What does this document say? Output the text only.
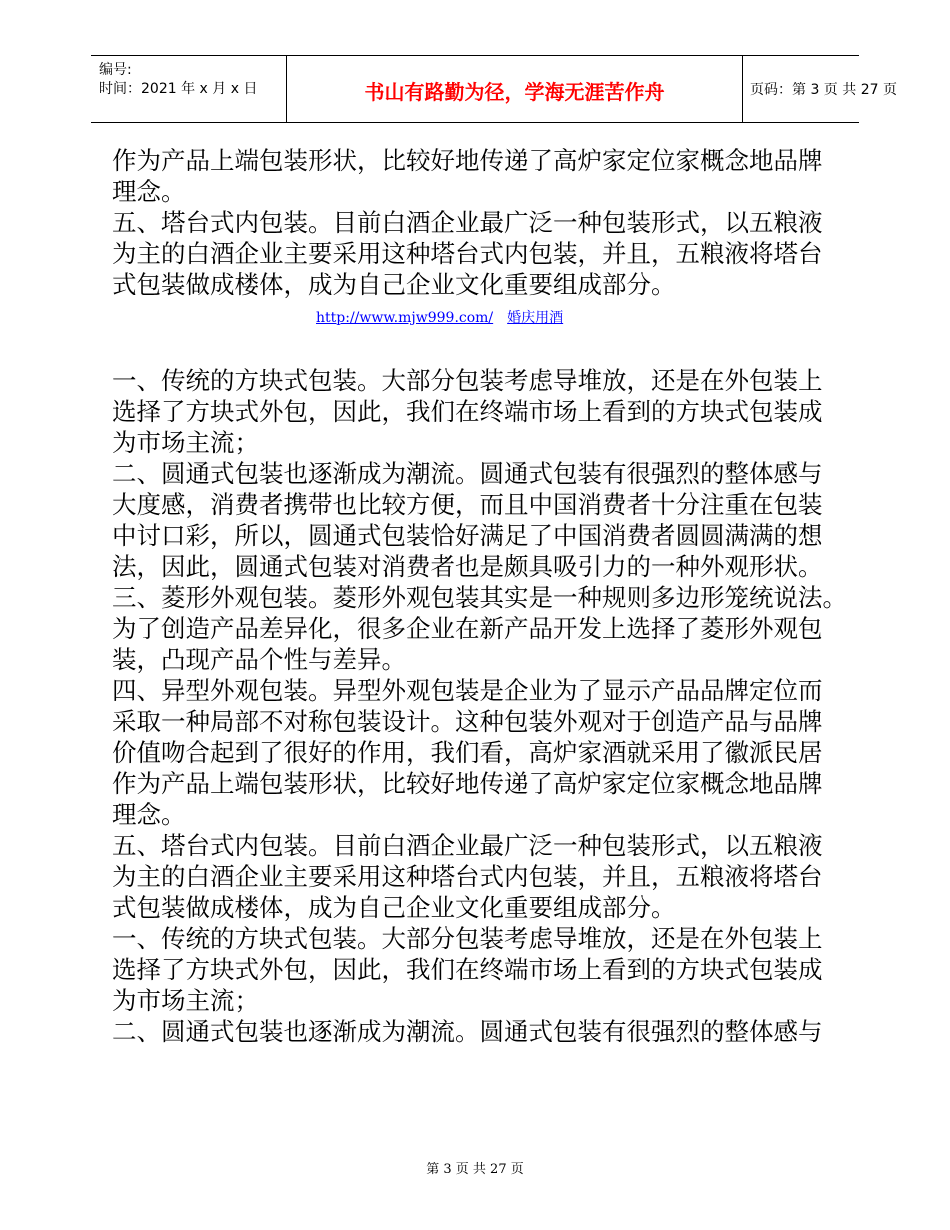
编号:
时间：2021 年 x 月 x 日	书山有路勤为径，学海无涯苦作舟	页码：第 3 页 共 27 页
作为产品上端包装形状，比较好地传递了高炉家定位家概念地品牌
理念。
五、塔台式内包装。目前白酒企业最广泛一种包装形式，以五粮液
为主的白酒企业主要采用这种塔台式内包装，并且，五粮液将塔台
式包装做成楼体，成为自己企业文化重要组成部分。
http://www.mjw999.com/ 婚庆用酒
一、传统的方块式包装。大部分包装考虑导堆放，还是在外包装上
选择了方块式外包，因此，我们在终端市场上看到的方块式包装成
为市场主流；
二、圆通式包装也逐渐成为潮流。圆通式包装有很强烈的整体感与
大度感，消费者携带也比较方便，而且中国消费者十分注重在包装
中讨口彩，所以，圆通式包装恰好满足了中国消费者圆圆满满的想
法，因此，圆通式包装对消费者也是颇具吸引力的一种外观形状。
三、菱形外观包装。菱形外观包装其实是一种规则多边形笼统说法。
为了创造产品差异化，很多企业在新产品开发上选择了菱形外观包
装，凸现产品个性与差异。
四、异型外观包装。异型外观包装是企业为了显示产品品牌定位而
采取一种局部不对称包装设计。这种包装外观对于创造产品与品牌
价值吻合起到了很好的作用，我们看，高炉家酒就采用了徽派民居
作为产品上端包装形状，比较好地传递了高炉家定位家概念地品牌
理念。
五、塔台式内包装。目前白酒企业最广泛一种包装形式，以五粮液
为主的白酒企业主要采用这种塔台式内包装，并且，五粮液将塔台
式包装做成楼体，成为自己企业文化重要组成部分。
一、传统的方块式包装。大部分包装考虑导堆放，还是在外包装上
选择了方块式外包，因此，我们在终端市场上看到的方块式包装成
为市场主流；
二、圆通式包装也逐渐成为潮流。圆通式包装有很强烈的整体感与
第 3 页 共 27 页
